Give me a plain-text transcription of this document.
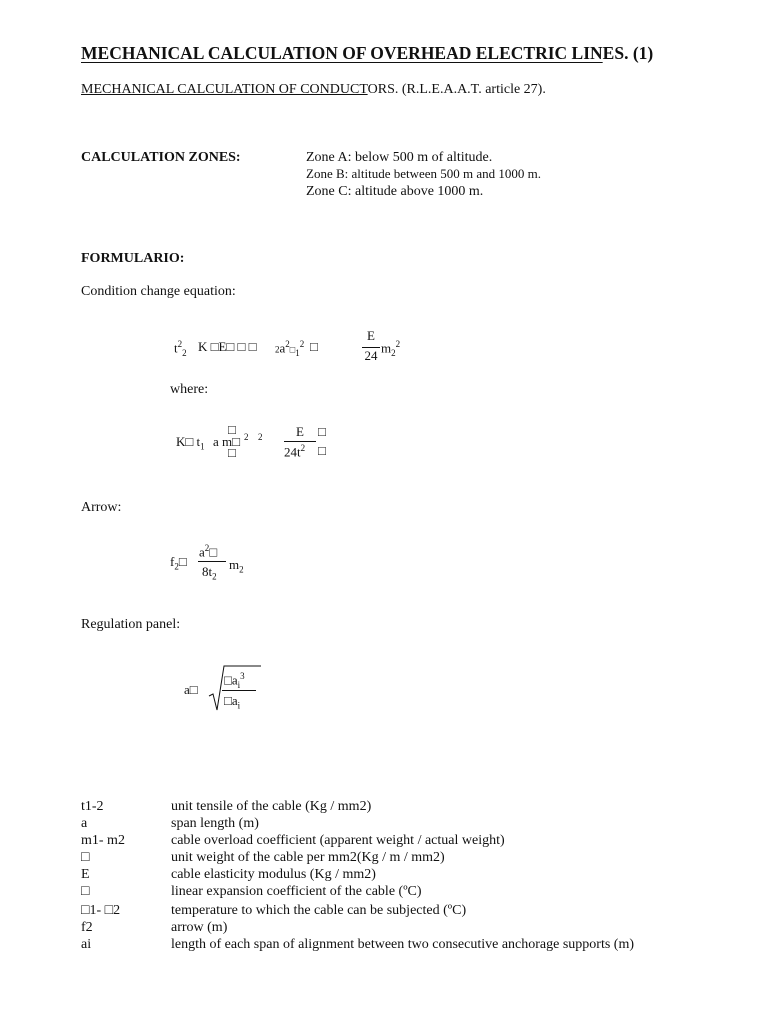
MECHANICAL CALCULATION OF OVERHEAD ELECTRIC LINES. (1)
MECHANICAL CALCULATION OF CONDUCTORS. (R.L.E.A.A.T. article 27).
CALCULATION ZONES:	Zone A: below 500 m of altitude.
Zone B: altitude between 500 m and 1000 m.
Zone C: altitude above 1000 m.
FORMULARIO:
Condition change equation:
$t^2_2$ K □E□ □ □ $2a^2□_1^2$ □
E
24
$m_2^2$
where:
K□ $t_1$ a m□ 2 2
□
□
E
$24t^2$
□
□
Arrow:
$f_2□$
$a^2□$
$8t_2$
$m_2$
Regulation panel:
a□
$□a_i^3$
$□a_i$
t1-2	unit tensile of the cable (Kg / mm2)
a	span length (m)
m1- m2	cable overload coefficient (apparent weight / actual weight)
□	unit weight of the cable per mm2(Kg / m / mm2)
E	cable elasticity modulus (Kg / mm2)
□	linear expansion coefficient of the cable (ºC)
□1- □2	temperature to which the cable can be subjected (ºC)
f2	arrow (m)
ai	length of each span of alignment between two consecutive anchorage supports (m)
